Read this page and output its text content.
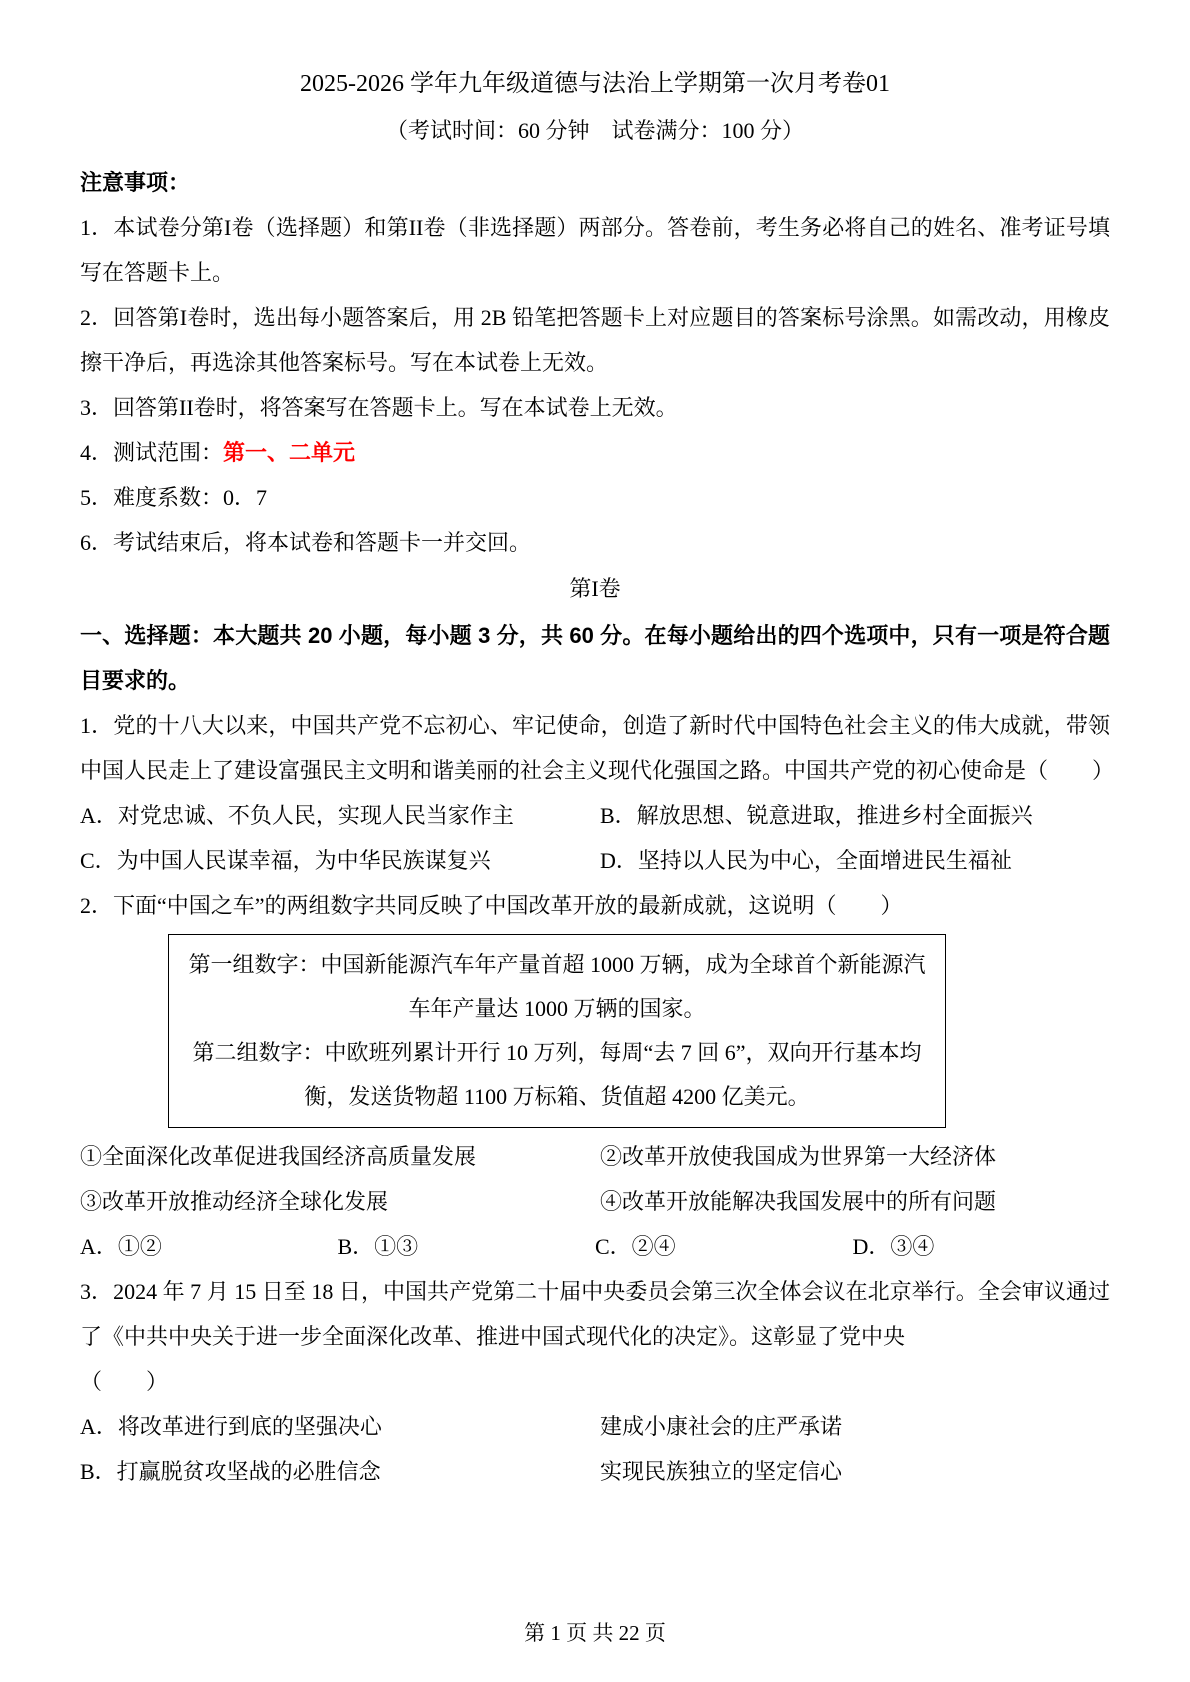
2025-2026 学年九年级道德与法治上学期第一次月考卷01
（考试时间：60 分钟　试卷满分：100 分）
注意事项：

1．本试卷分第I卷（选择题）和第II卷（非选择题）两部分。答卷前，考生务必将自己的姓名、准考证号填写在答题卡上。

2．回答第I卷时，选出每小题答案后，用 2B 铅笔把答题卡上对应题目的答案标号涂黑。如需改动，用橡皮擦干净后，再选涂其他答案标号。写在本试卷上无效。

3．回答第II卷时，将答案写在答题卡上。写在本试卷上无效。

4．测试范围：第一、二单元

5．难度系数：0．7

6．考试结束后，将本试卷和答题卡一并交回。

第I卷

一、选择题：本大题共 20 小题，每小题 3 分，共 60 分。在每小题给出的四个选项中，只有一项是符合题目要求的。

1．党的十八大以来，中国共产党不忘初心、牢记使命，创造了新时代中国特色社会主义的伟大成就，带领中国人民走上了建设富强民主文明和谐美丽的社会主义现代化强国之路。中国共产党的初心使命是（　　）

A．对党忠诚、不负人民，实现人民当家作主	B．解放思想、锐意进取，推进乡村全面振兴
C．为中国人民谋幸福，为中华民族谋复兴	D．坚持以人民为中心，全面增进民生福祉

2．下面“中国之车”的两组数字共同反映了中国改革开放的最新成就，这说明（　　）

第一组数字：中国新能源汽车年产量首超 1000 万辆，成为全球首个新能源汽车年产量达 1000 万辆的国家。

第二组数字：中欧班列累计开行 10 万列，每周“去 7 回 6”，双向开行基本均衡，发送货物超 1100 万标箱、货值超 4200 亿美元。

①全面深化改革促进我国经济高质量发展	②改革开放使我国成为世界第一大经济体
③改革开放推动经济全球化发展	④改革开放能解决我国发展中的所有问题
A．①②	B．①③	C．②④	D．③④

3．2024 年 7 月 15 日至 18 日，中国共产党第二十届中央委员会第三次全体会议在北京举行。全会审议通过了《中共中央关于进一步全面深化改革、推进中国式现代化的决定》。这彰显了党中央

（　　）

A．将改革进行到底的坚强决心	建成小康社会的庄严承诺
B．打赢脱贫攻坚战的必胜信念	实现民族独立的坚定信心
第 1 页 共 22 页
